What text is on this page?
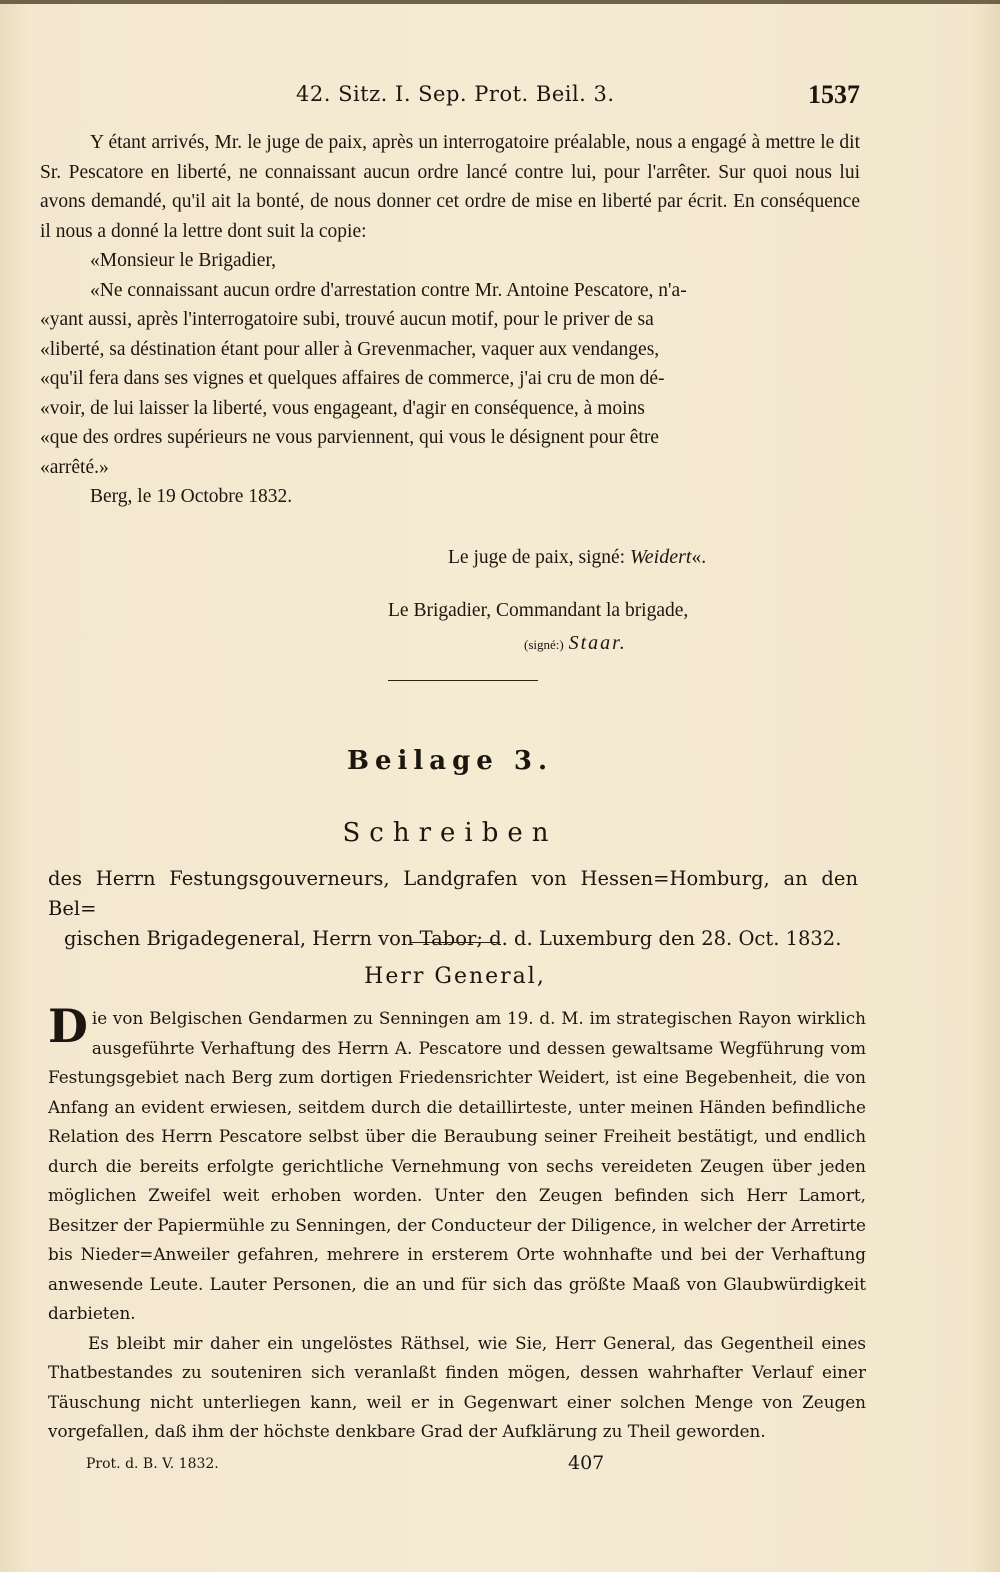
42. Sitz. I. Sep. Prot. Beil. 3.	1537

Y étant arrivés, Mr. le juge de paix, après un interrogatoire préalable, nous a engagé à mettre le dit Sr. Pescatore en liberté, ne connaissant aucun ordre lancé contre lui, pour l'arrêter. Sur quoi nous lui avons demandé, qu'il ait la bonté, de nous donner cet ordre de mise en liberté par écrit. En conséquence il nous a donné la lettre dont suit la copie:

«Monsieur le Brigadier,

«Ne connaissant aucun ordre d'arrestation contre Mr. Antoine Pescatore, n'a-

«yant aussi, après l'interrogatoire subi, trouvé aucun motif, pour le priver de sa

«liberté, sa déstination étant pour aller à Grevenmacher, vaquer aux vendanges,

«qu'il fera dans ses vignes et quelques affaires de commerce, j'ai cru de mon dé-

«voir, de lui laisser la liberté, vous engageant, d'agir en conséquence, à moins

«que des ordres supérieurs ne vous parviennent, qui vous le désignent pour être

«arrêté.»

Berg, le 19 Octobre 1832.

Le juge de paix, signé: Weidert«.
Le Brigadier, Commandant la brigade,
(signé:) Staar.
Beilage 3.
Schreiben
des Herrn Festungsgouverneurs, Landgrafen von Hessen=Homburg, an den Bel=
gischen Brigadegeneral, Herrn von Tabor; d. d. Luxemburg den 28. Oct. 1832.
Herr General,

Die von Belgischen Gendarmen zu Senningen am 19. d. M. im strategischen Rayon wirklich ausgeführte Verhaftung des Herrn A. Pescatore und dessen gewaltsame Wegführung vom Festungsgebiet nach Berg zum dortigen Friedensrichter Weidert, ist eine Begebenheit, die von Anfang an evident erwiesen, seitdem durch die detaillirteste, unter meinen Händen befindliche Relation des Herrn Pescatore selbst über die Beraubung seiner Freiheit bestätigt, und endlich durch die bereits erfolgte gerichtliche Vernehmung von sechs vereideten Zeugen über jeden möglichen Zweifel weit erhoben worden. Unter den Zeugen befinden sich Herr Lamort, Besitzer der Papiermühle zu Senningen, der Conducteur der Diligence, in welcher der Arretirte bis Nieder=Anweiler gefahren, mehrere in ersterem Orte wohnhafte und bei der Verhaftung anwesende Leute. Lauter Personen, die an und für sich das größte Maaß von Glaubwürdigkeit darbieten.

Es bleibt mir daher ein ungelöstes Räthsel, wie Sie, Herr General, das Gegentheil eines Thatbestandes zu souteniren sich veranlaßt finden mögen, dessen wahrhafter Verlauf einer Täuschung nicht unterliegen kann, weil er in Gegenwart einer solchen Menge von Zeugen vorgefallen, daß ihm der höchste denkbare Grad der Aufklärung zu Theil geworden.

Prot. d. B. V. 1832.	407
